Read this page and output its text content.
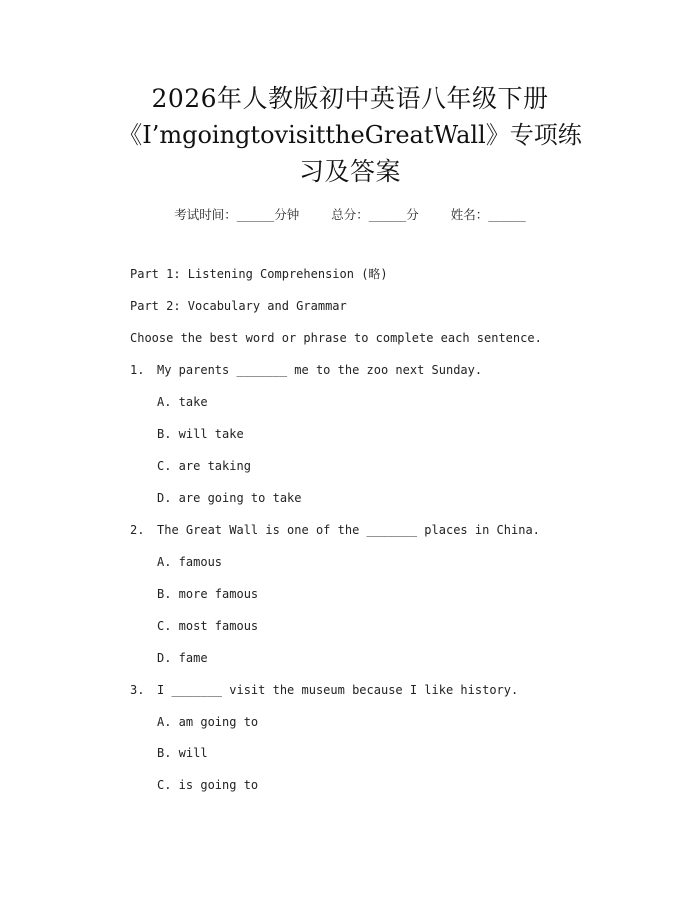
2026年人教版初中英语八年级下册
《I’mgoingtovisittheGreatWall》专项练
习及答案
考试时间：______分钟	总分：______分	姓名：______
Part 1: Listening Comprehension (略)
Part 2: Vocabulary and Grammar
Choose the best word or phrase to complete each sentence.
1. My parents _______ me to the zoo next Sunday.
A. take
B. will take
C. are taking
D. are going to take
2. The Great Wall is one of the _______ places in China.
A. famous
B. more famous
C. most famous
D. fame
3. I _______ visit the museum because I like history.
A. am going to
B. will
C. is going to
